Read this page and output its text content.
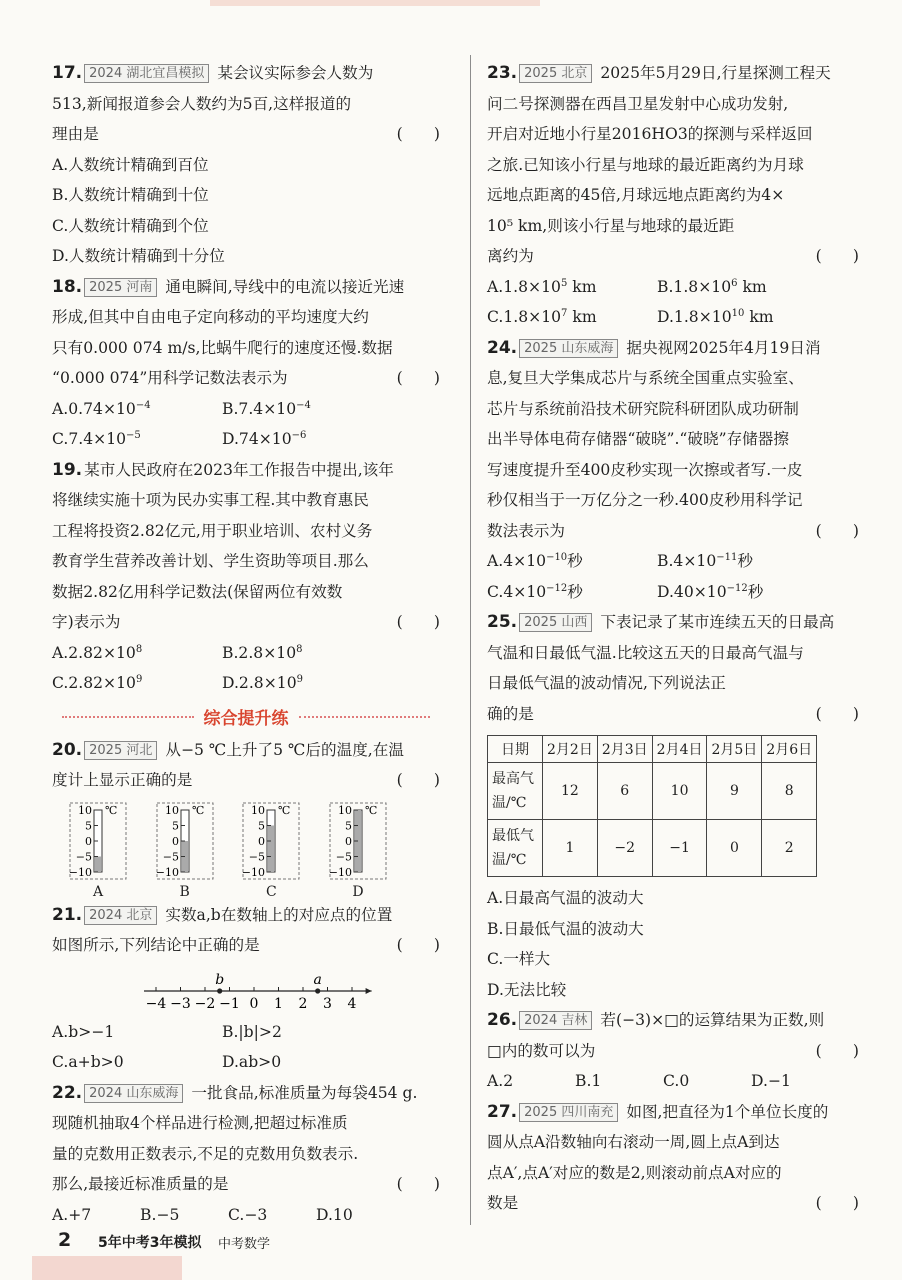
17. 2024 湖北宜昌模拟 某会议实际参会人数为
513,新闻报道参会人数约为5百,这样报道的
理由是	(　　)
A.人数统计精确到百位
B.人数统计精确到十位
C.人数统计精确到个位
D.人数统计精确到十分位
18. 2025 河南 通电瞬间,导线中的电流以接近光速
形成,但其中自由电子定向移动的平均速度大约
只有0.000 074 m/s,比蜗牛爬行的速度还慢.数据
“0.000 074”用科学记数法表示为	(　　)
$A.0.74\times 10^{-4}$	$B.7.4\times 10^{-4}$
$C.7.4\times 10^{-5}$	$D.74\times 10^{-6}$
19. 某市人民政府在2023年工作报告中提出,该年
将继续实施十项为民办实事工程.其中教育惠民
工程将投资2.82亿元,用于职业培训、农村义务
教育学生营养改善计划、学生资助等项目.那么
数据2.82亿用科学记数法(保留两位有效数
字)表示为	(　　)
$A.2.82\times 10^8$	$B.2.8\times 10^8$
$C.2.82\times 10^9$	$D.2.8\times 10^9$
综合提升练
20. 2025 河北 从−5 ℃上升了5 ℃后的温度,在温
度计上显示正确的是	(　　)
10
5
0
−5
−10
℃
A
10
5
0
−5
−10
℃
B
10
5
0
−5
−10
℃
C
10
5
0
−5
−10
℃
D
21. 2024 北京 实数a,b在数轴上的对应点的位置
如图所示,下列结论中正确的是	(　　)
−4 −3 −2 −1 0 1 2 3 4
b	a
A.b>−1	B.|b|>2
C.a+b>0	D.ab>0
22. 2024 山东威海 一批食品,标准质量为每袋454 g.
现随机抽取4个样品进行检测,把超过标准质
量的克数用正数表示,不足的克数用负数表示.
那么,最接近标准质量的是	(　　)
A.+7	B.−5	C.−3	D.10
23. 2025 北京 2025年5月29日,行星探测工程天
问二号探测器在西昌卫星发射中心成功发射,
开启对近地小行星2016HO3的探测与采样返回
之旅.已知该小行星与地球的最近距离约为月球
远地点距离的45倍,月球远地点距离约为4×
10⁵ km,则该小行星与地球的最近距
离约为	(　　)
$A.1.8\times 10^5$ km	$B.1.8\times 10^6$ km
$C.1.8\times 10^7$ km	$D.1.8\times 10^{10}$ km
24. 2025 山东威海 据央视网2025年4月19日消
息,复旦大学集成芯片与系统全国重点实验室、
芯片与系统前沿技术研究院科研团队成功研制
出半导体电荷存储器“破晓”.“破晓”存储器擦
写速度提升至400皮秒实现一次擦或者写.一皮
秒仅相当于一万亿分之一秒.400皮秒用科学记
数法表示为	(　　)
$A.4\times 10^{-10}$秒	$B.4\times 10^{-11}$秒
$C.4\times 10^{-12}$秒	$D.40\times 10^{-12}$秒
25. 2025 山西 下表记录了某市连续五天的日最高
气温和日最低气温.比较这五天的日最高气温与
日最低气温的波动情况,下列说法正
确的是	(　　)
日期	2月2日	2月3日	2月4日	2月5日	2月6日
最高气温/℃	12	6	10	9	8
最低气温/℃	1	−2	−1	0	2
A.日最高气温的波动大
B.日最低气温的波动大
C.一样大
D.无法比较
26. 2024 吉林 若(−3)×□的运算结果为正数,则
□内的数可以为	(　　)
A.2	B.1	C.0	D.−1
27. 2025 四川南充 如图,把直径为1个单位长度的
圆从点A沿数轴向右滚动一周,圆上点A到达
点A′,点A′对应的数是2,则滚动前点A对应的
数是	(　　)
2 5年中考3年模拟 中考数学
